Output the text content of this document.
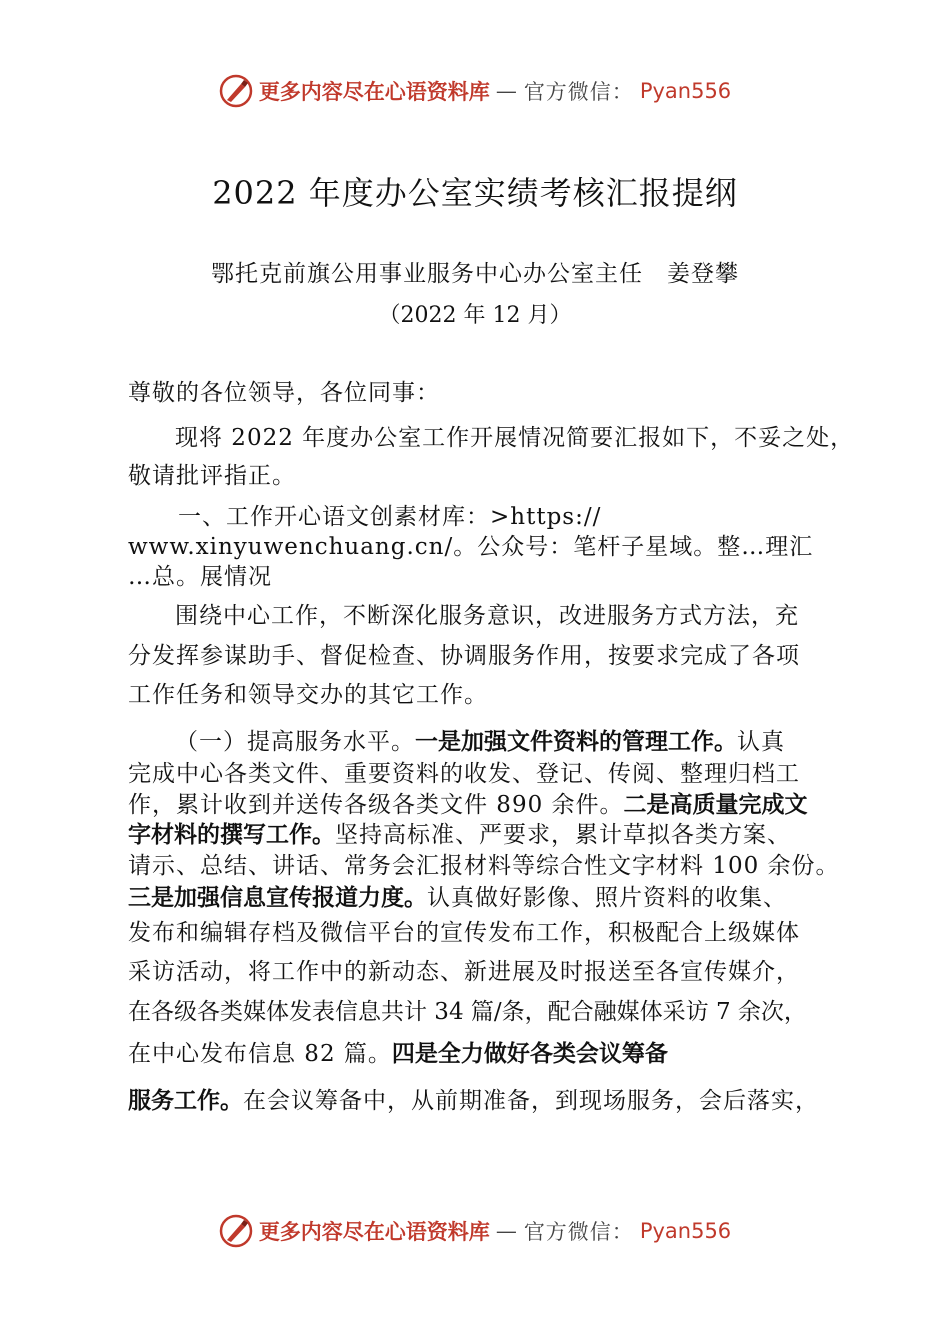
更多内容尽在心语资料库 — 官方微信： Pyan556
2022 年度办公室实绩考核汇报提纲
鄂托克前旗公用事业服务中心办公室主任　姜登攀
（2022 年 12 月）
尊敬的各位领导，各位同事：
现将 2022 年度办公室工作开展情况简要汇报如下，不妥之处，
敬请批评指正。
一、工作开心语文创素材库：>https://
www.xinyuwenchuang.cn/。公众号：笔杆子星域。整…理汇
…总。展情况
围绕中心工作，不断深化服务意识，改进服务方式方法，充
分发挥参谋助手、督促检查、协调服务作用，按要求完成了各项
工作任务和领导交办的其它工作。
（一）提高服务水平。一是加强文件资料的管理工作。认真
完成中心各类文件、重要资料的收发、登记、传阅、整理归档工
作，累计收到并送传各级各类文件 890 余件。二是高质量完成文
字材料的撰写工作。坚持高标准、严要求，累计草拟各类方案、
请示、总结、讲话、常务会汇报材料等综合性文字材料 100 余份。
三是加强信息宣传报道力度。认真做好影像、照片资料的收集、
发布和编辑存档及微信平台的宣传发布工作，积极配合上级媒体
采访活动，将工作中的新动态、新进展及时报送至各宣传媒介，
在各级各类媒体发表信息共计 34 篇/条，配合融媒体采访 7 余次，
在中心发布信息 82 篇。四是全力做好各类会议筹备
服务工作。在会议筹备中，从前期准备，到现场服务，会后落实，
更多内容尽在心语资料库 — 官方微信： Pyan556
